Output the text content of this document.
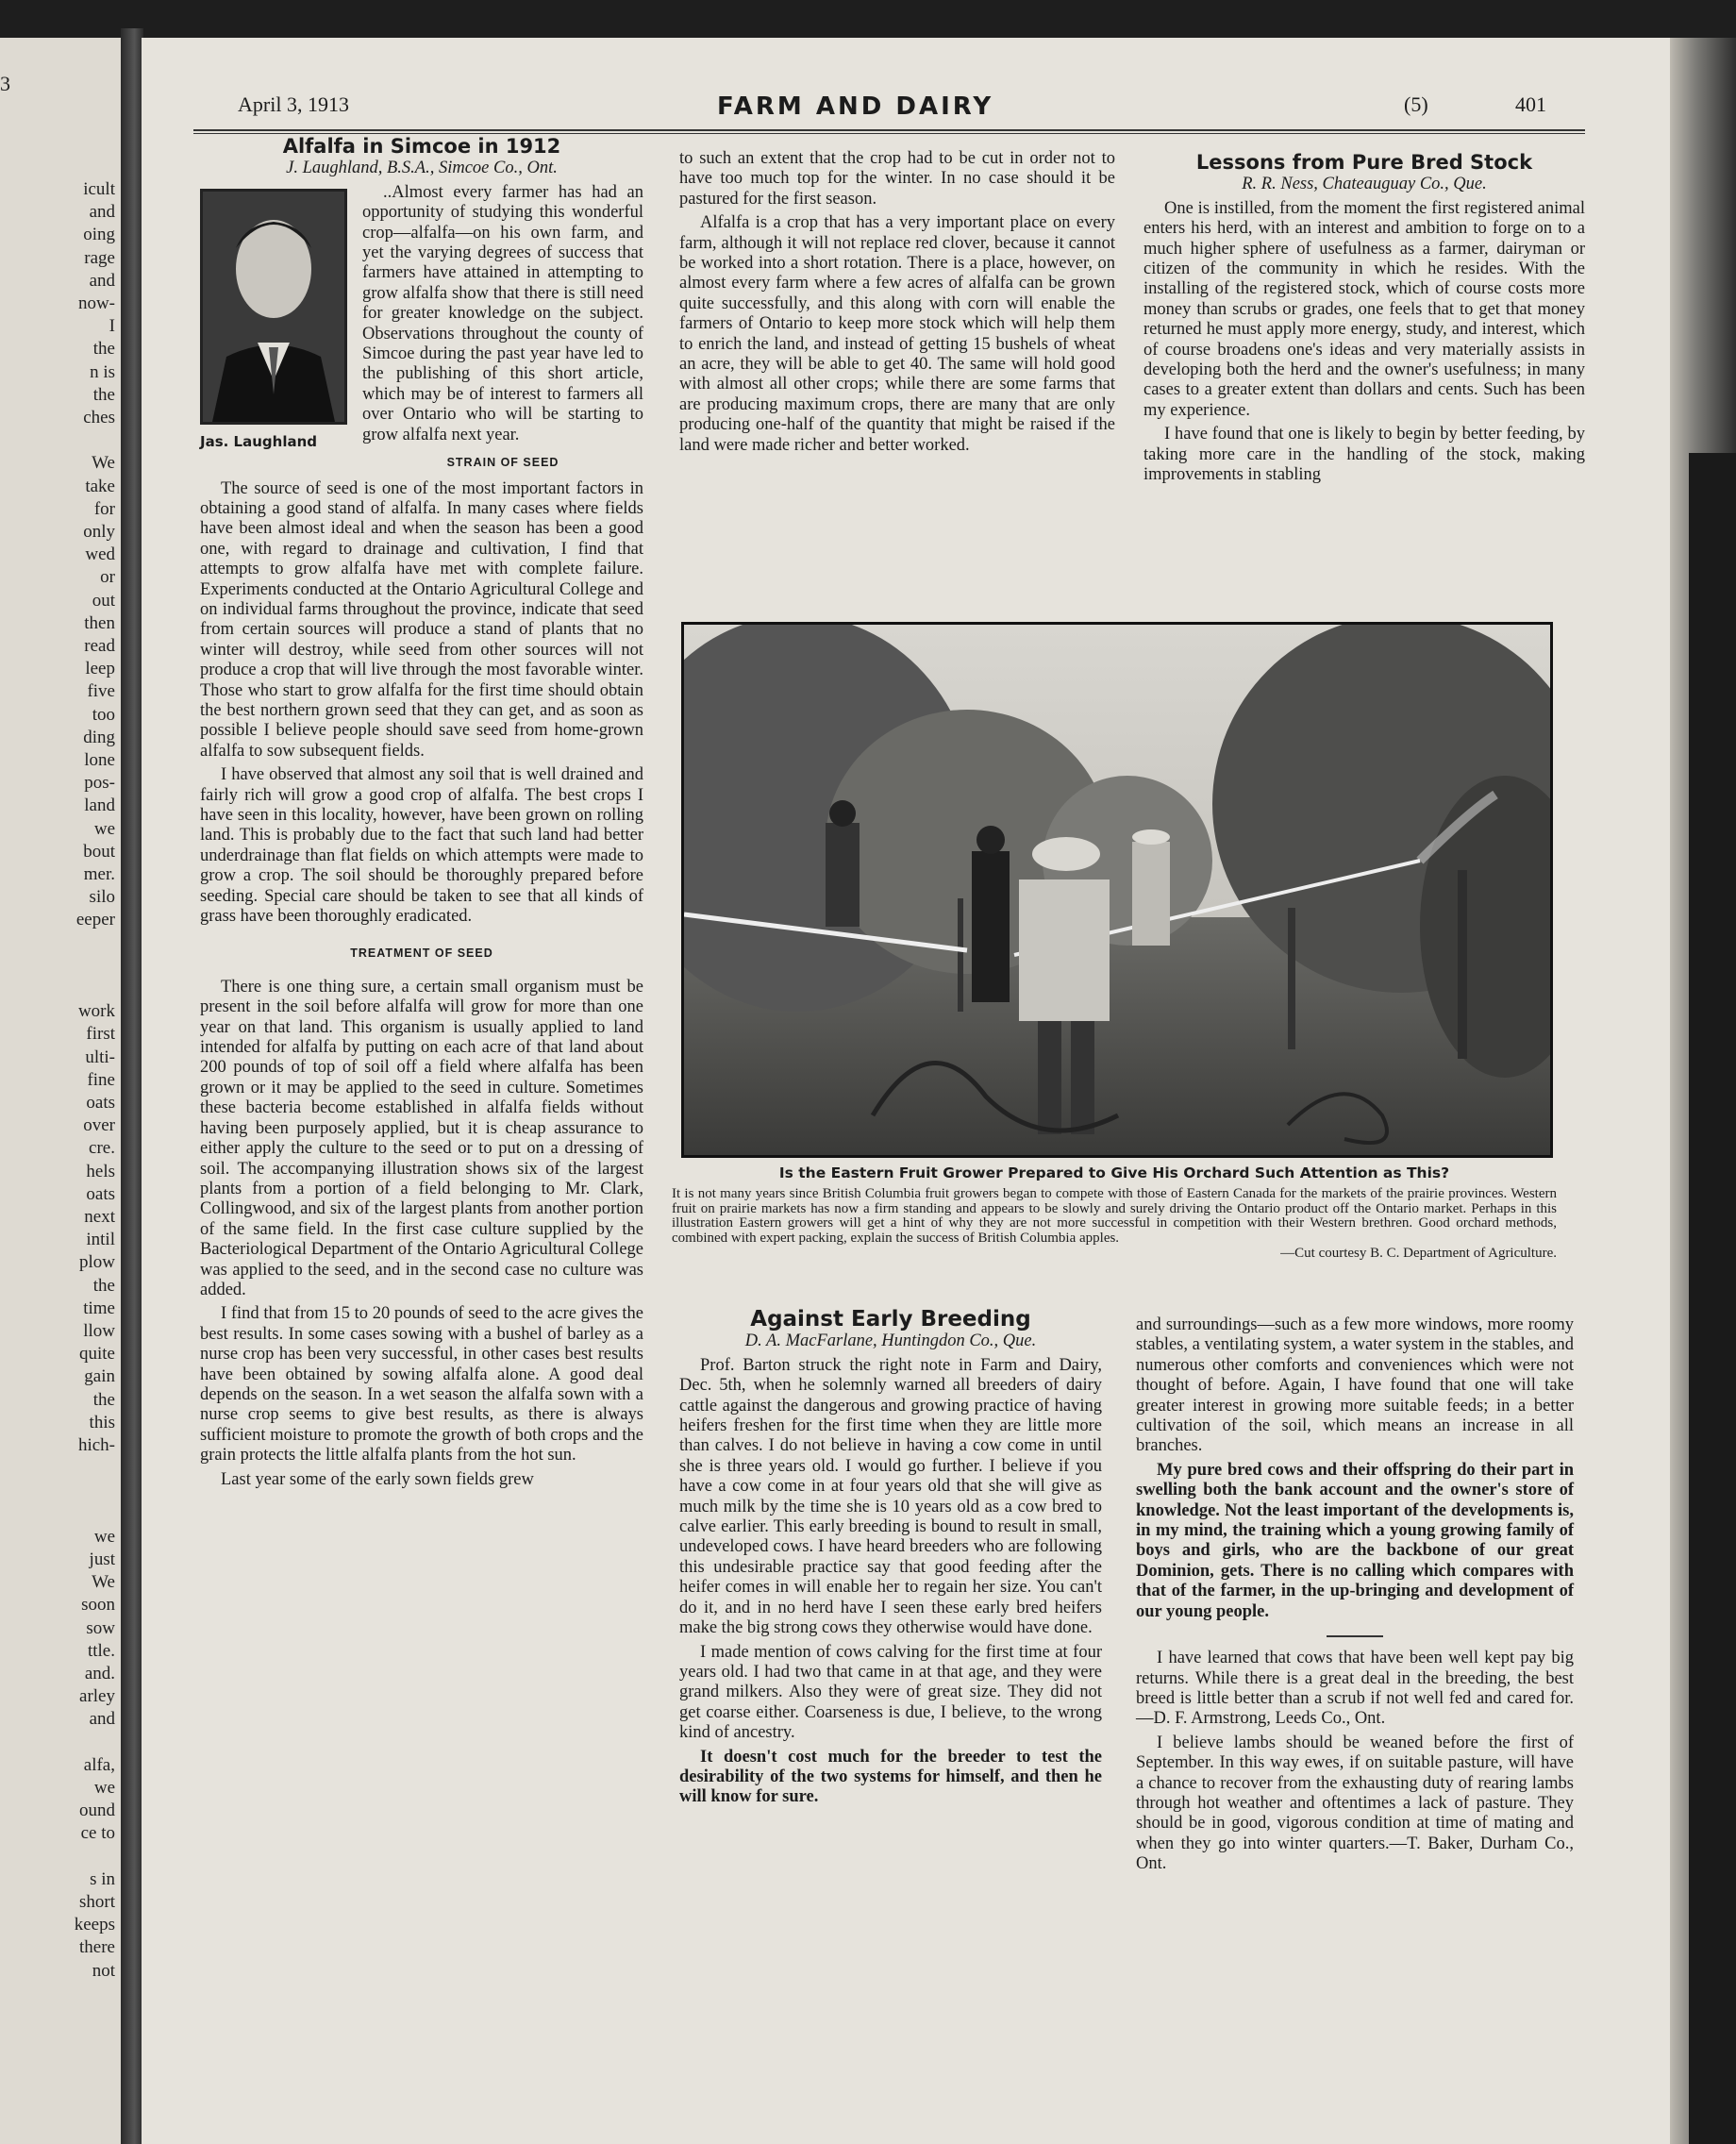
3
icult
and
oing
rage
and
now-
I
the
n is
the
ches
We
take
for
only
wed
or
out
then
read
leep
five
too
ding
lone
pos-
land
we
bout
mer.
silo
eeper
work
first
ulti-
fine
oats
over
cre.
hels
oats
next
intil
plow
the
time
llow
quite
gain
the
this
hich-
we
just
We
soon
sow
ttle.
and.
arley
and
alfa,
we
ound
ce to
s in
short
keeps
there
not
April 3, 1913	FARM AND DAIRY	(5)	401
Alfalfa in Simcoe in 1912
J. Laughland, B.S.A., Simcoe Co., Ont.
Jas. Laughland

..Almost every farmer has had an opportunity of studying this wonderful crop—alfalfa—on his own farm, and yet the varying degrees of success that farmers have attained in attempting to grow alfalfa show that there is still need for greater knowledge on the subject. Observations throughout the county of Simcoe during the past year have led to the publishing of this short article, which may be of interest to farmers all over Ontario who will be starting to grow alfalfa next year.

STRAIN OF SEED

The source of seed is one of the most important factors in obtaining a good stand of alfalfa. In many cases where fields have been almost ideal and when the season has been a good one, with regard to drainage and cultivation, I find that attempts to grow alfalfa have met with complete failure. Experiments conducted at the Ontario Agricultural College and on individual farms throughout the province, indicate that seed from certain sources will produce a stand of plants that no winter will destroy, while seed from other sources will not produce a crop that will live through the most favorable winter. Those who start to grow alfalfa for the first time should obtain the best northern grown seed that they can get, and as soon as possible I believe people should save seed from home-grown alfalfa to sow subsequent fields.

I have observed that almost any soil that is well drained and fairly rich will grow a good crop of alfalfa. The best crops I have seen in this locality, however, have been grown on rolling land. This is probably due to the fact that such land had better underdrainage than flat fields on which attempts were made to grow a crop. The soil should be thoroughly prepared before seeding. Special care should be taken to see that all kinds of grass have been thoroughly eradicated.

TREATMENT OF SEED

There is one thing sure, a certain small organism must be present in the soil before alfalfa will grow for more than one year on that land. This organism is usually applied to land intended for alfalfa by putting on each acre of that land about 200 pounds of top of soil off a field where alfalfa has been grown or it may be applied to the seed in culture. Sometimes these bacteria become established in alfalfa fields without having been purposely applied, but it is cheap assurance to either apply the culture to the seed or to put on a dressing of soil. The accompanying illustration shows six of the largest plants from a portion of a field belonging to Mr. Clark, Collingwood, and six of the largest plants from another portion of the same field. In the first case culture supplied by the Bacteriological Department of the Ontario Agricultural College was applied to the seed, and in the second case no culture was added.

I find that from 15 to 20 pounds of seed to the acre gives the best results. In some cases sowing with a bushel of barley as a nurse crop has been very successful, in other cases best results have been obtained by sowing alfalfa alone. A good deal depends on the season. In a wet season the alfalfa sown with a nurse crop seems to give best results, as there is always sufficient moisture to promote the growth of both crops and the grain protects the little alfalfa plants from the hot sun.

Last year some of the early sown fields grew

to such an extent that the crop had to be cut in order not to have too much top for the winter. In no case should it be pastured for the first season.

Alfalfa is a crop that has a very important place on every farm, although it will not replace red clover, because it cannot be worked into a short rotation. There is a place, however, on almost every farm where a few acres of alfalfa can be grown quite successfully, and this along with corn will enable the farmers of Ontario to keep more stock which will help them to enrich the land, and instead of getting 15 bushels of wheat an acre, they will be able to get 40. The same will hold good with almost all other crops; while there are some farms that are producing maximum crops, there are many that are only producing one-half of the quantity that might be raised if the land were made richer and better worked.

Lessons from Pure Bred Stock
R. R. Ness, Chateauguay Co., Que.

One is instilled, from the moment the first registered animal enters his herd, with an interest and ambition to forge on to a much higher sphere of usefulness as a farmer, dairyman or citizen of the community in which he resides. With the installing of the registered stock, which of course costs more money than scrubs or grades, one feels that to get that money returned he must apply more energy, study, and interest, which of course broadens one's ideas and very materially assists in developing both the herd and the owner's usefulness; in many cases to a greater extent than dollars and cents. Such has been my experience.

I have found that one is likely to begin by better feeding, by taking more care in the handling of the stock, making improvements in stabling

Is the Eastern Fruit Grower Prepared to Give His Orchard Such Attention as This?
It is not many years since British Columbia fruit growers began to compete with those of Eastern Canada for the markets of the prairie provinces. Western fruit on prairie markets has now a firm standing and appears to be slowly and surely driving the Ontario product off the Ontario market. Perhaps in this illustration Eastern growers will get a hint of why they are not more successful in competition with their Western brethren. Good orchard methods, combined with expert packing, explain the success of British Columbia apples.
—Cut courtesy B. C. Department of Agriculture.
Against Early Breeding
D. A. MacFarlane, Huntingdon Co., Que.

Prof. Barton struck the right note in Farm and Dairy, Dec. 5th, when he solemnly warned all breeders of dairy cattle against the dangerous and growing practice of having heifers freshen for the first time when they are little more than calves. I do not believe in having a cow come in until she is three years old. I would go further. I believe if you have a cow come in at four years old that she will give as much milk by the time she is 10 years old as a cow bred to calve earlier. This early breeding is bound to result in small, undeveloped cows. I have heard breeders who are following this undesirable practice say that good feeding after the heifer comes in will enable her to regain her size. You can't do it, and in no herd have I seen these early bred heifers make the big strong cows they otherwise would have done.

I made mention of cows calving for the first time at four years old. I had two that came in at that age, and they were grand milkers. Also they were of great size. They did not get coarse either. Coarseness is due, I believe, to the wrong kind of ancestry.

It doesn't cost much for the breeder to test the desirability of the two systems for himself, and then he will know for sure.

and surroundings—such as a few more windows, more roomy stables, a ventilating system, a water system in the stables, and numerous other comforts and conveniences which were not thought of before. Again, I have found that one will take greater interest in growing more suitable feeds; in a better cultivation of the soil, which means an increase in all branches.

My pure bred cows and their offspring do their part in swelling both the bank account and the owner's store of knowledge. Not the least important of the developments is, in my mind, the training which a young growing family of boys and girls, who are the backbone of our great Dominion, gets. There is no calling which compares with that of the farmer, in the up-bringing and development of our young people.

I have learned that cows that have been well kept pay big returns. While there is a great deal in the breeding, the best breed is little better than a scrub if not well fed and cared for.—D. F. Armstrong, Leeds Co., Ont.

I believe lambs should be weaned before the first of September. In this way ewes, if on suitable pasture, will have a chance to recover from the exhausting duty of rearing lambs through hot weather and oftentimes a lack of pasture. They should be in good, vigorous condition at time of mating and when they go into winter quarters.—T. Baker, Durham Co., Ont.
